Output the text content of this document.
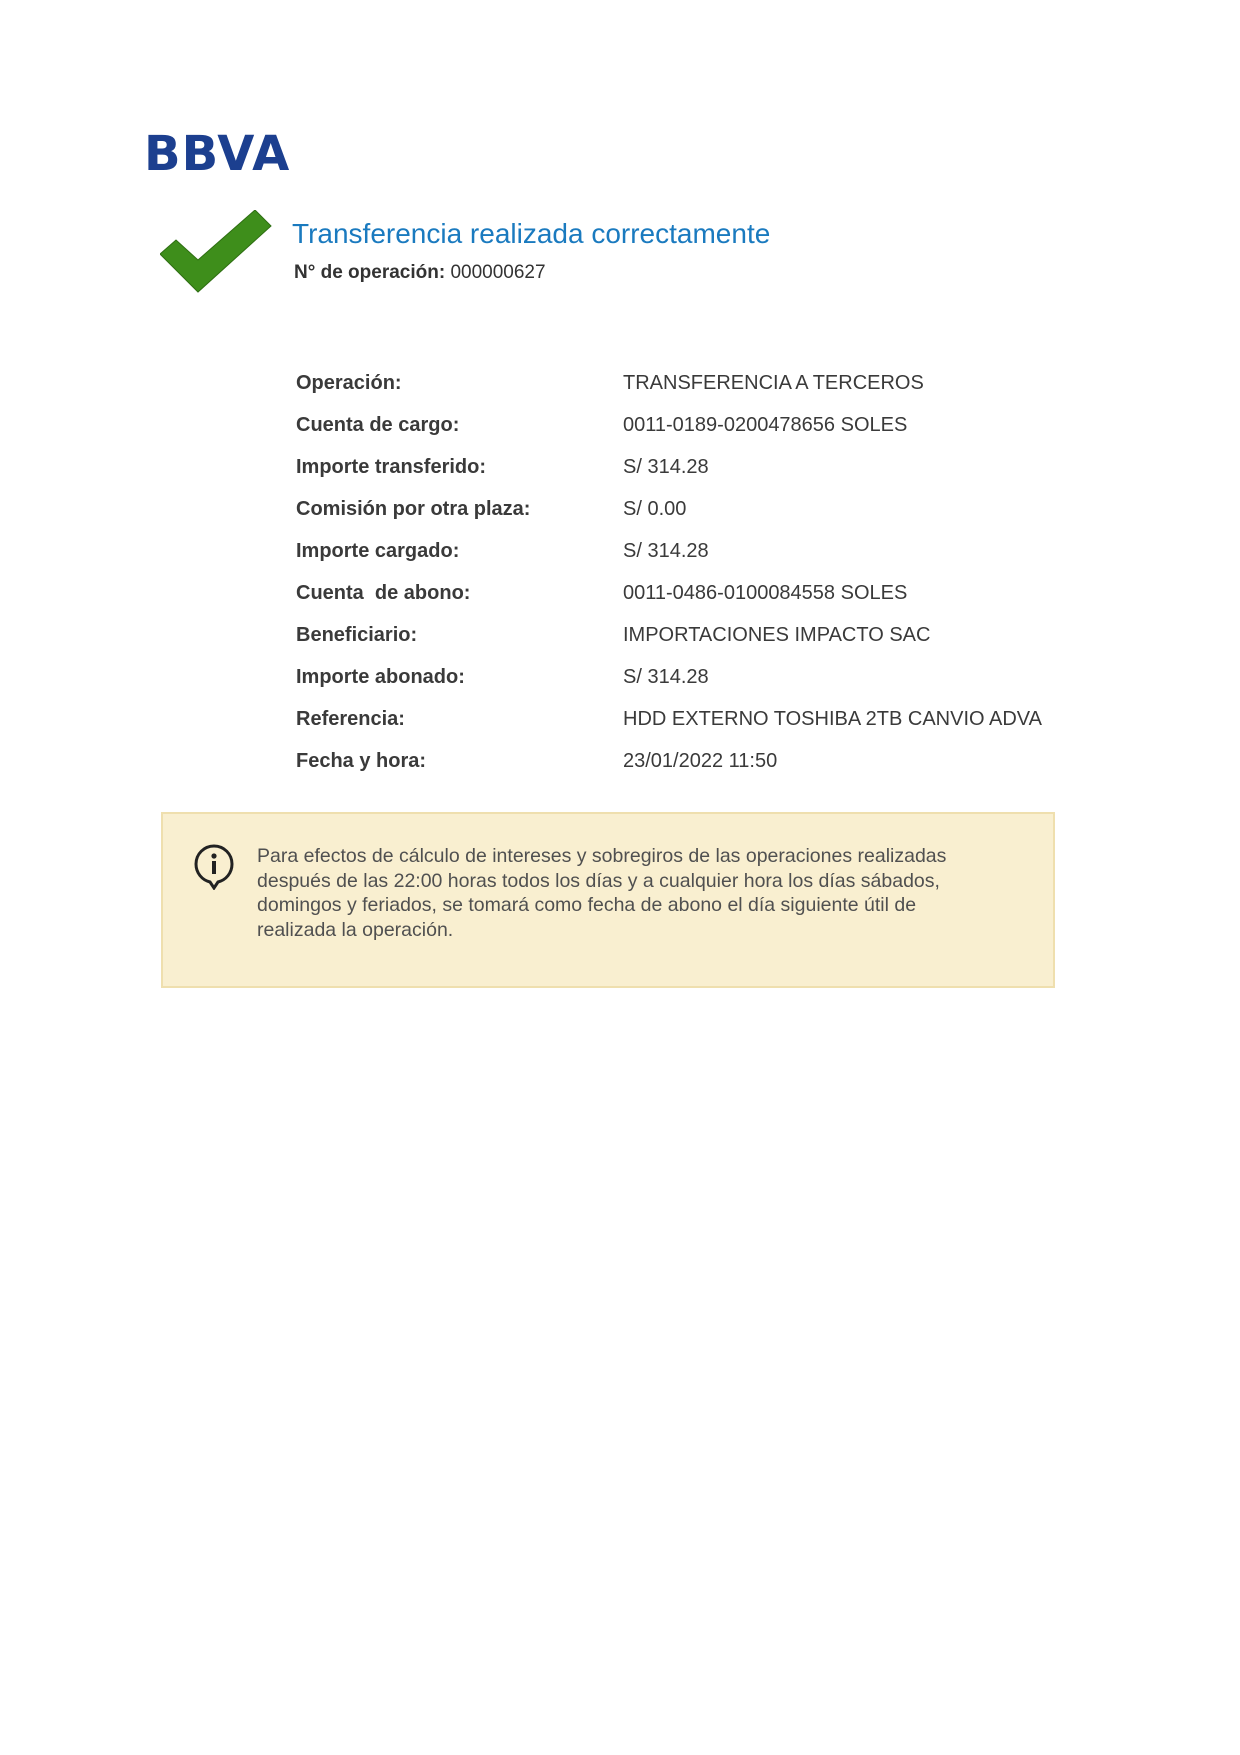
BBVA
Transferencia realizada correctamente
N° de operación: 000000627
Operación:	TRANSFERENCIA A TERCEROS
Cuenta de cargo:	0011-0189-0200478656 SOLES
Importe transferido:	S/ 314.28
Comisión por otra plaza:	S/ 0.00
Importe cargado:	S/ 314.28
Cuenta  de abono:	0011-0486-0100084558 SOLES
Beneficiario:	IMPORTACIONES IMPACTO SAC
Importe abonado:	S/ 314.28
Referencia:	HDD EXTERNO TOSHIBA 2TB CANVIO ADVA
Fecha y hora:	23/01/2022 11:50
Para efectos de cálculo de intereses y sobregiros de las operaciones realizadas después de las 22:00 horas todos los días y a cualquier hora los días sábados, domingos y feriados, se tomará como fecha de abono el día siguiente útil de realizada la operación.
